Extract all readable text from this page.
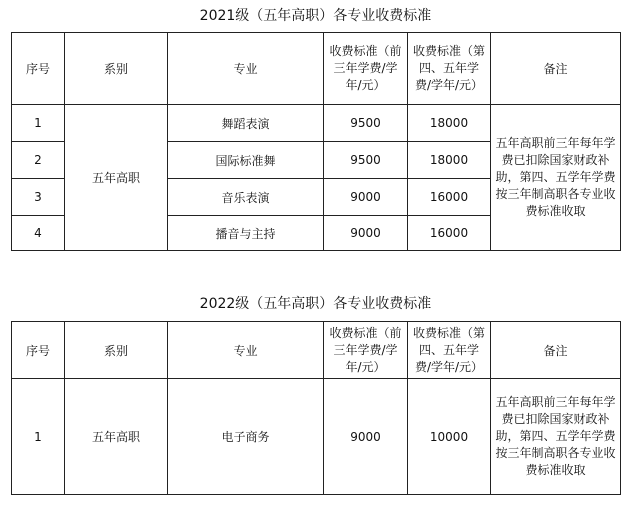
2021级（五年高职）各专业收费标准
序号	系别	专业	收费标准（前三年学费/学年/元）	收费标准（第四、五年学费/学年/元）	备注
1	五年高职	舞蹈表演	9500	18000	五年高职前三年每年学费已扣除国家财政补助，第四、五学年学费按三年制高职各专业收费标准收取
2		国际标准舞	9500	18000	
3		音乐表演	9000	16000	
4		播音与主持	9000	16000	
2022级（五年高职）各专业收费标准
序号	系别	专业	收费标准（前三年学费/学年/元）	收费标准（第四、五年学费/学年/元）	备注
1	五年高职	电子商务	9000	10000	五年高职前三年每年学费已扣除国家财政补助，第四、五学年学费按三年制高职各专业收费标准收取
